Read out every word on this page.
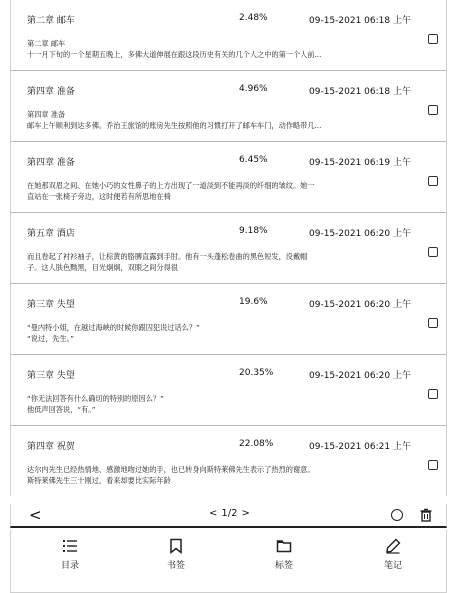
第二章 邮车	2.48%	09-15-2021 06:18 上午
第二章 邮车
十一月下旬的一个星期五晚上，多佛大道伸展在跟这段历史有关的几个人之中的第一个人前...
第四章 准备	4.96%	09-15-2021 06:18 上午
第四章 准备
邮车上午顺利到达多佛。乔治王旅馆的账房先生按照他的习惯打开了邮车车门，动作略带几...
第四章 准备	6.45%	09-15-2021 06:19 上午
在她那双眉之间、在她小巧的女性鼻子的上方出现了一道淡到不能再淡的纤细的皱纹。她一
直站在一张椅子旁边，这时便若有所思地在椅
第五章 酒店	9.18%	09-15-2021 06:20 上午
而且卷起了衬衫袖子，让棕黄的胳膊直露到手肘。他有一头蓬松卷曲的黑色短发，没戴帽
子。这人肤色黝黑，目光炯炯，双眼之间分得很
第三章 失望	19.6%	09-15-2021 06:20 上午
“曼内特小姐，在越过海峡的时候你跟囚犯说过话么？”
“说过，先生。”
第三章 失望	20.35%	09-15-2021 06:20 上午
“你无法回答有什么确切的特别的原因么？”
他低声回答说，“有。”
第四章 祝贺	22.08%	09-15-2021 06:21 上午
达尔内先生已经热情地、感激地吻过她的手，也已转身向斯特莱佛先生表示了热烈的谢意。
斯特莱佛先生三十刚过，看来却要比实际年龄
<	< 1/2 >
目录	书签	标签	笔记
